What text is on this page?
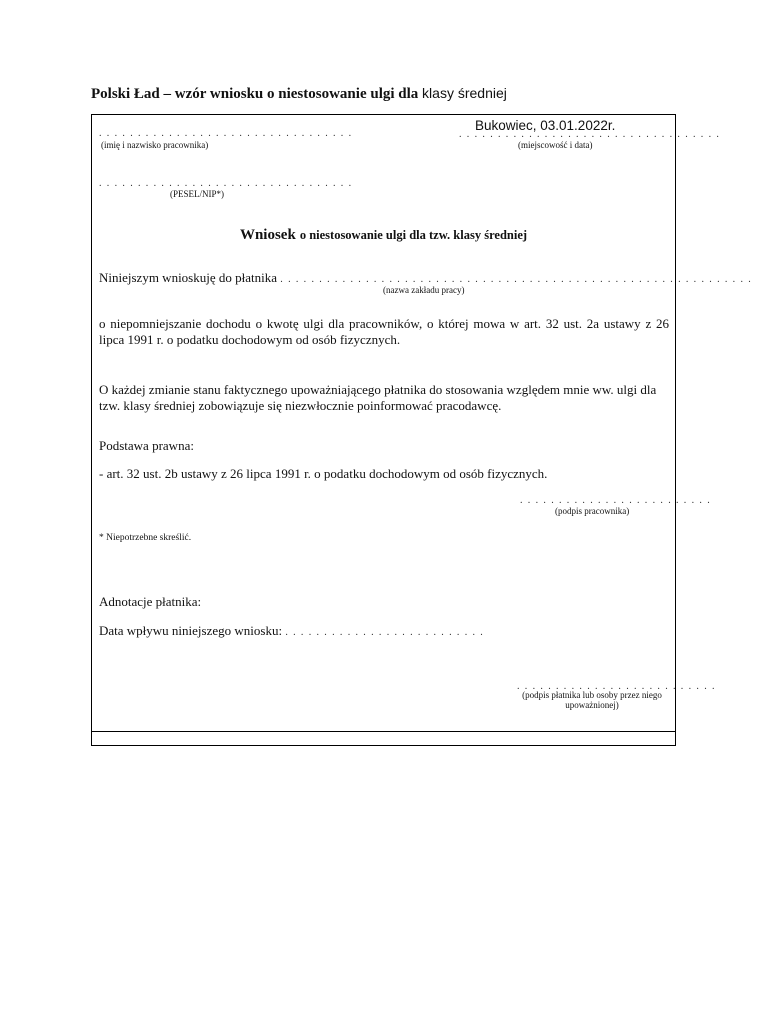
Polski Ład – wzór wniosku o niestosowanie ulgi dla klasy średniej
. . . . . . . . . . . . . . . . . . . . . . . . . . . . . . . . .
(imię i nazwisko pracownika)
Bukowiec, 03.01.2022r.
. . . . . . . . . . . . . . . . . . . . . . . . . . . . . . . . . .
(miejscowość i data)
. . . . . . . . . . . . . . . . . . . . . . . . . . . . . . . . .
(PESEL/NIP*)
Wniosek o niestosowanie ulgi dla tzw. klasy średniej
Niniejszym wnioskuję do płatnika . . . . . . . . . . . . . . . . . . . . . . . . . . . . . . . . . . . . . . . . . . . . . . . . . . . . . . . . . . . . .
(nazwa zakładu pracy)
o niepomniejszanie dochodu o kwotę ulgi dla pracowników, o której mowa w art. 32 ust. 2a ustawy z 26 lipca 1991 r. o podatku dochodowym od osób fizycznych.
O każdej zmianie stanu faktycznego upoważniającego płatnika do stosowania względem mnie ww. ulgi dla tzw. klasy średniej zobowiązuje się niezwłocznie poinformować pracodawcę.
Podstawa prawna:
- art. 32 ust. 2b ustawy z 26 lipca 1991 r. o podatku dochodowym od osób fizycznych.
. . . . . . . . . . . . . . . . . . . . . . . . .
(podpis pracownika)
* Niepotrzebne skreślić.
Adnotacje płatnika:
Data wpływu niniejszego wniosku: . . . . . . . . . . . . . . . . . . . . . . . . . .
. . . . . . . . . . . . . . . . . . . . . . . . . .
(podpis płatnika lub osoby przez niego
upoważnionej)
